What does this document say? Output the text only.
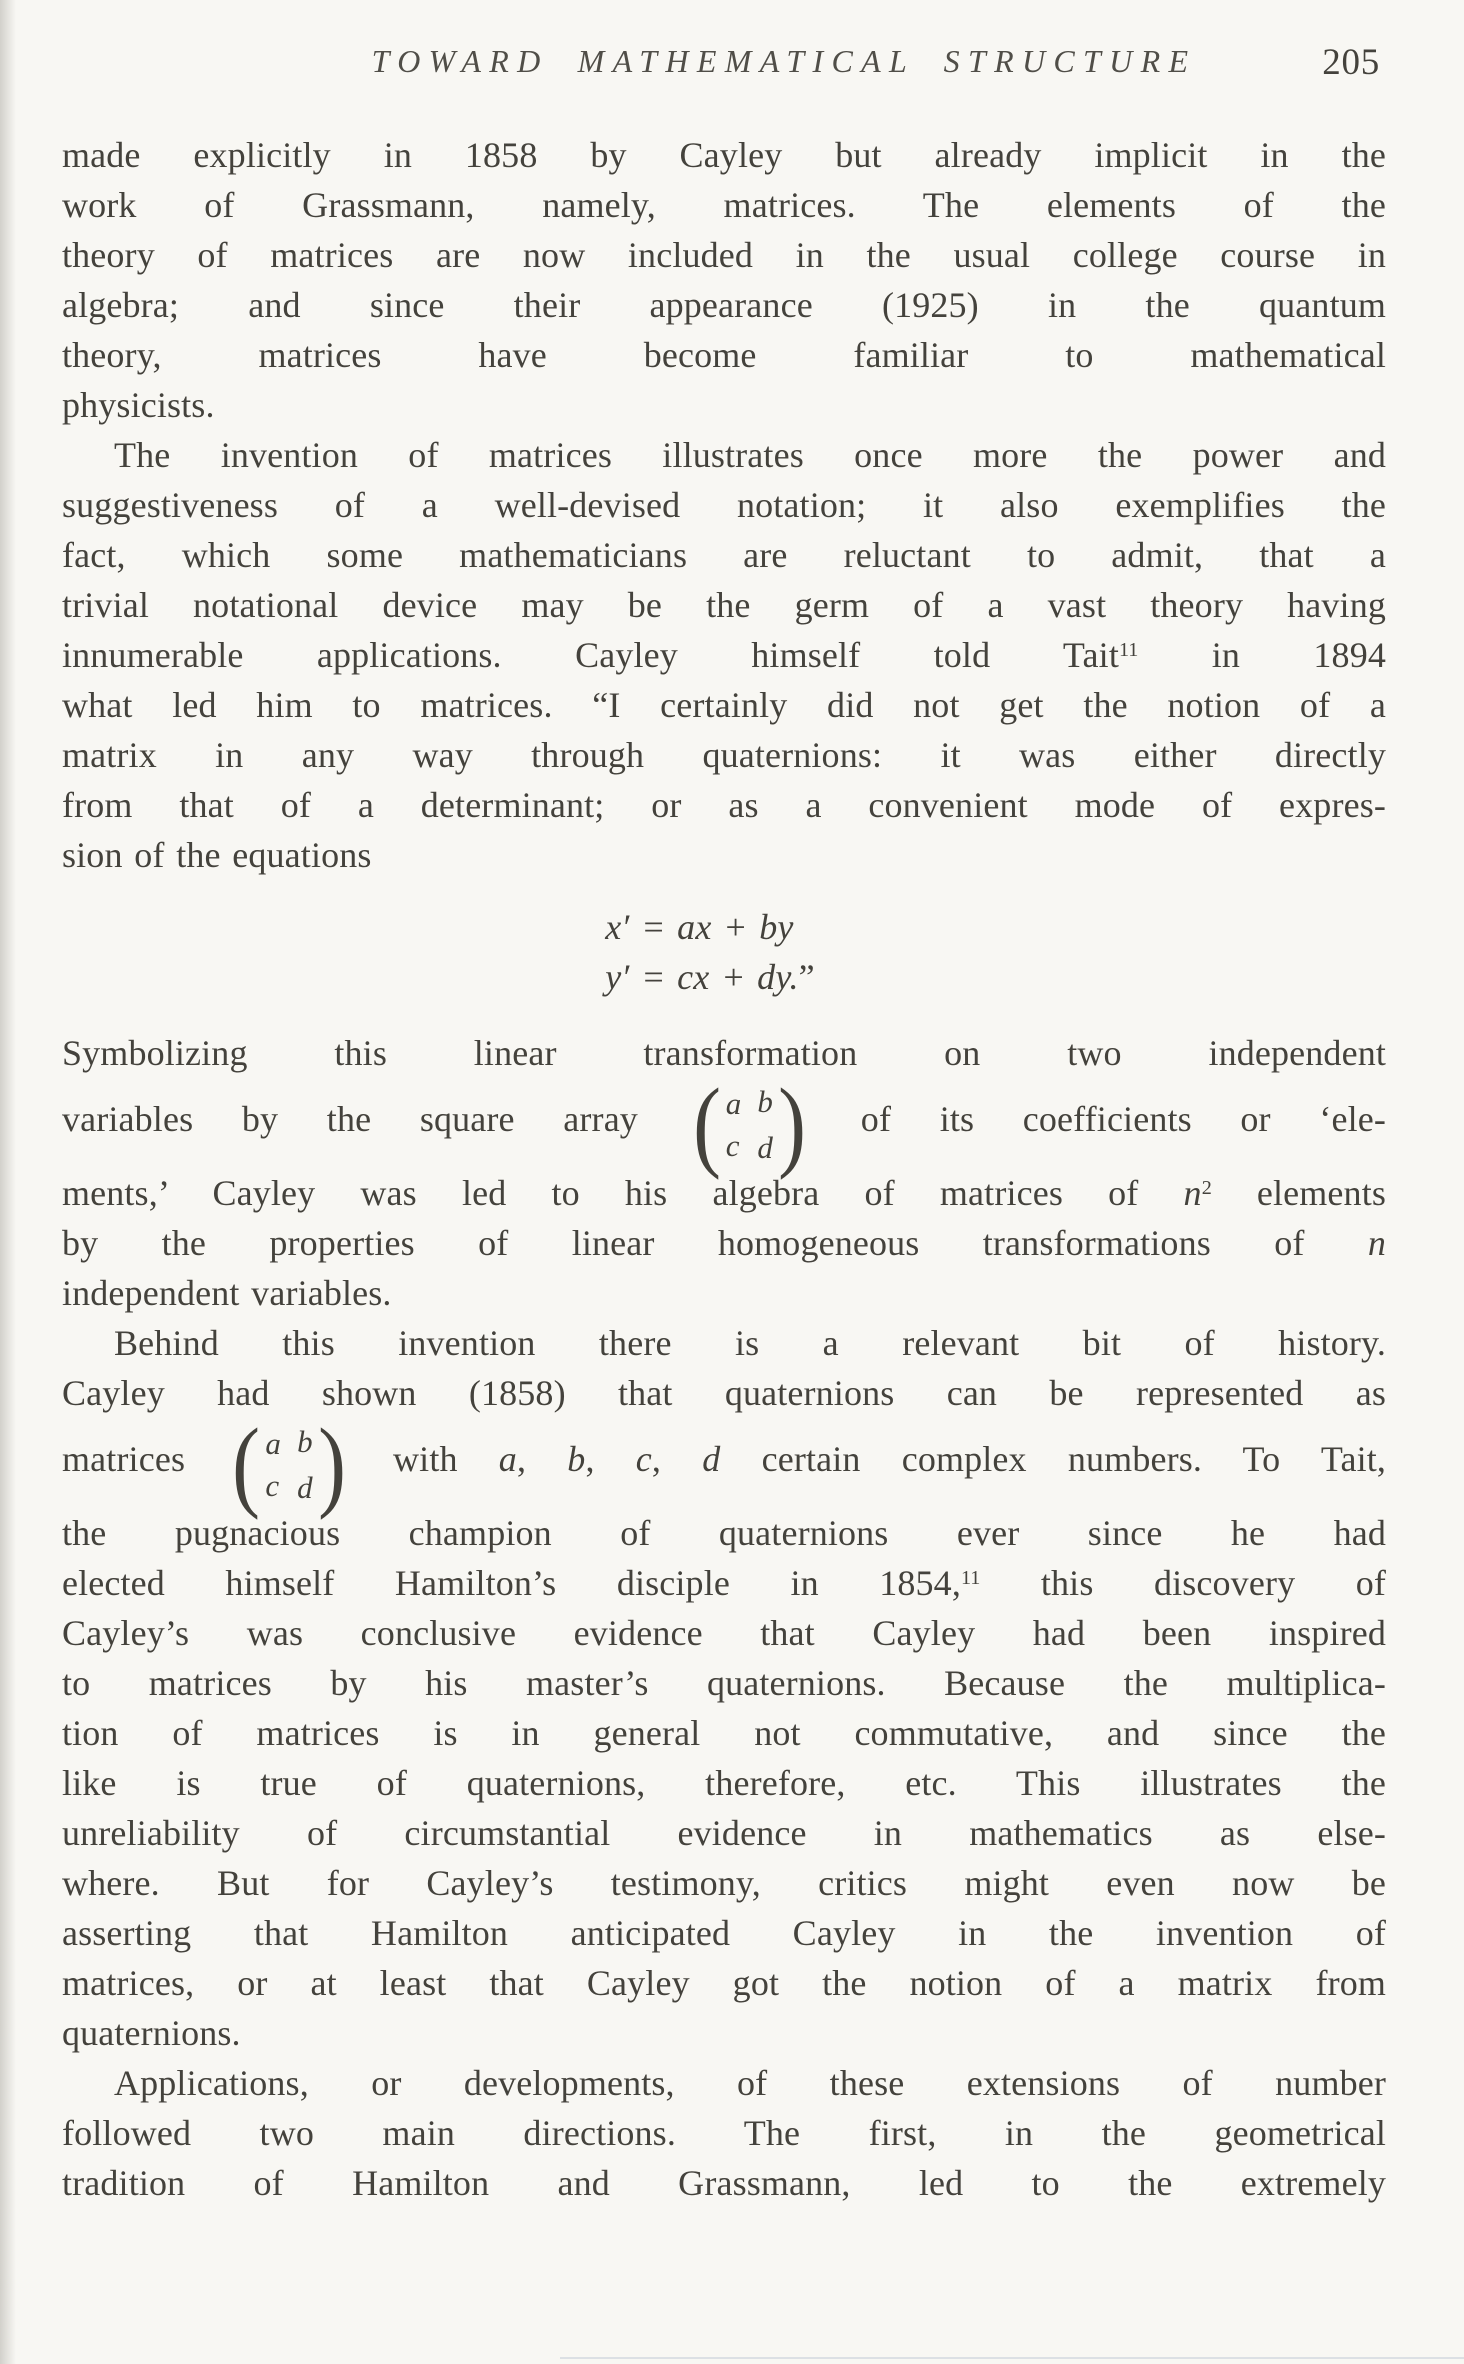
TOWARD MATHEMATICAL STRUCTURE	205
made explicitly in 1858 by Cayley but already implicit in the
work of Grassmann, namely, matrices. The elements of the
theory of matrices are now included in the usual college course in
algebra; and since their appearance (1925) in the quantum
theory, matrices have become familiar to mathematical
physicists.
The invention of matrices illustrates once more the power and
suggestiveness of a well-devised notation; it also exemplifies the
fact, which some mathematicians are reluctant to admit, that a
trivial notational device may be the germ of a vast theory having
innumerable applications. Cayley himself told Tait$^{11}$ in 1894
what led him to matrices. “I certainly did not get the notion of a
matrix in any way through quaternions: it was either directly
from that of a determinant; or as a convenient mode of expres-
sion of the equations
x′ = ax + by
y′ = cx + dy.”
Symbolizing this linear transformation on two independent
variables by the square array ( a b
c d ) of its coefficients or ‘ele-
ments,’ Cayley was led to his algebra of matrices of $n^2$ elements
by the properties of linear homogeneous transformations of n
independent variables.
Behind this invention there is a relevant bit of history.
Cayley had shown (1858) that quaternions can be represented as
matrices ( a b
c d ) with a, b, c, d certain complex numbers. To Tait,
the pugnacious champion of quaternions ever since he had
elected himself Hamilton’s disciple in 1854,11 this discovery of
Cayley’s was conclusive evidence that Cayley had been inspired
to matrices by his master’s quaternions. Because the multiplica-
tion of matrices is in general not commutative, and since the
like is true of quaternions, therefore, etc. This illustrates the
unreliability of circumstantial evidence in mathematics as else-
where. But for Cayley’s testimony, critics might even now be
asserting that Hamilton anticipated Cayley in the invention of
matrices, or at least that Cayley got the notion of a matrix from
quaternions.
Applications, or developments, of these extensions of number
followed two main directions. The first, in the geometrical
tradition of Hamilton and Grassmann, led to the extremely
